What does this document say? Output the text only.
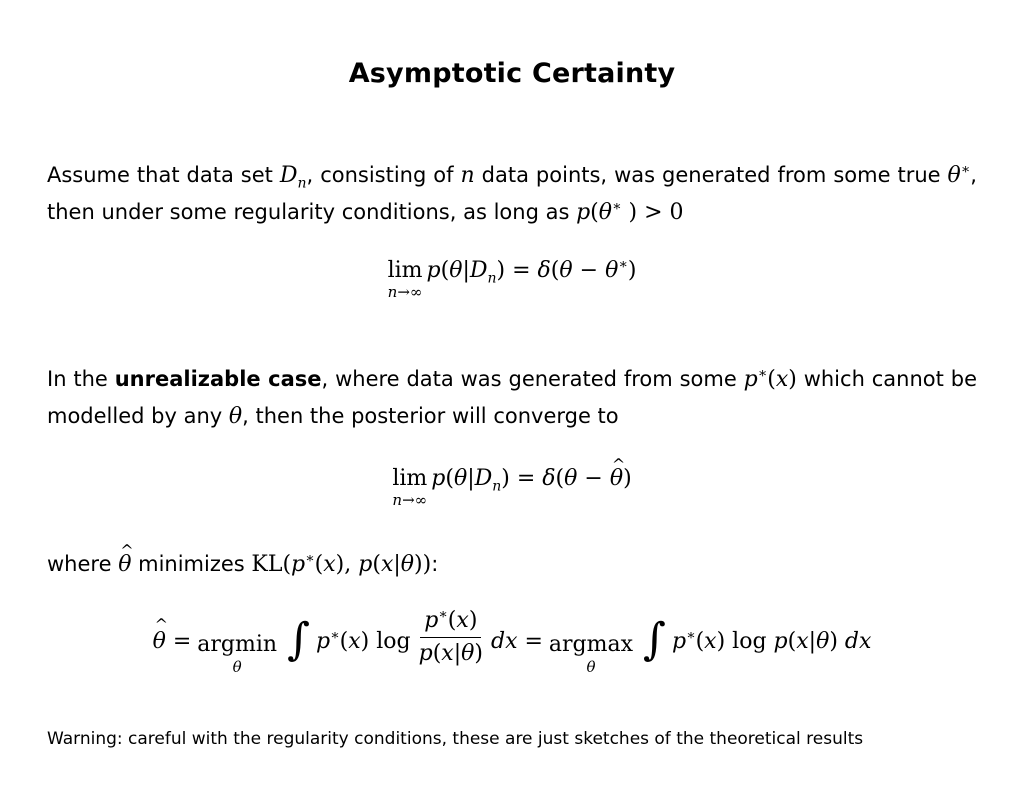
Asymptotic Certainty
Assume that data set $D_n$, consisting of n data points, was generated from some true θ∗, then under some regularity conditions, as long as p(θ∗ ) > 0
lim
n→∞
$p(\theta|D_n) = \delta(\theta - \theta^∗)$
In the unrealizable case, where data was generated from some p∗(x) which cannot be modelled by any θ, then the posterior will converge to
lim
n→∞
$p(\theta|D_n) = \delta(\theta$ − ^ θ)
where ^ θ minimizes KL(p∗(x), p(x|θ)):
^ θ = argmin
θ
∫ p∗(x) $\log \frac{p^∗(x)}{p(x|\theta)}$ dx = argmax
θ
∫ p∗(x) log p(x|θ) dx
Warning: careful with the regularity conditions, these are just sketches of the theoretical results
